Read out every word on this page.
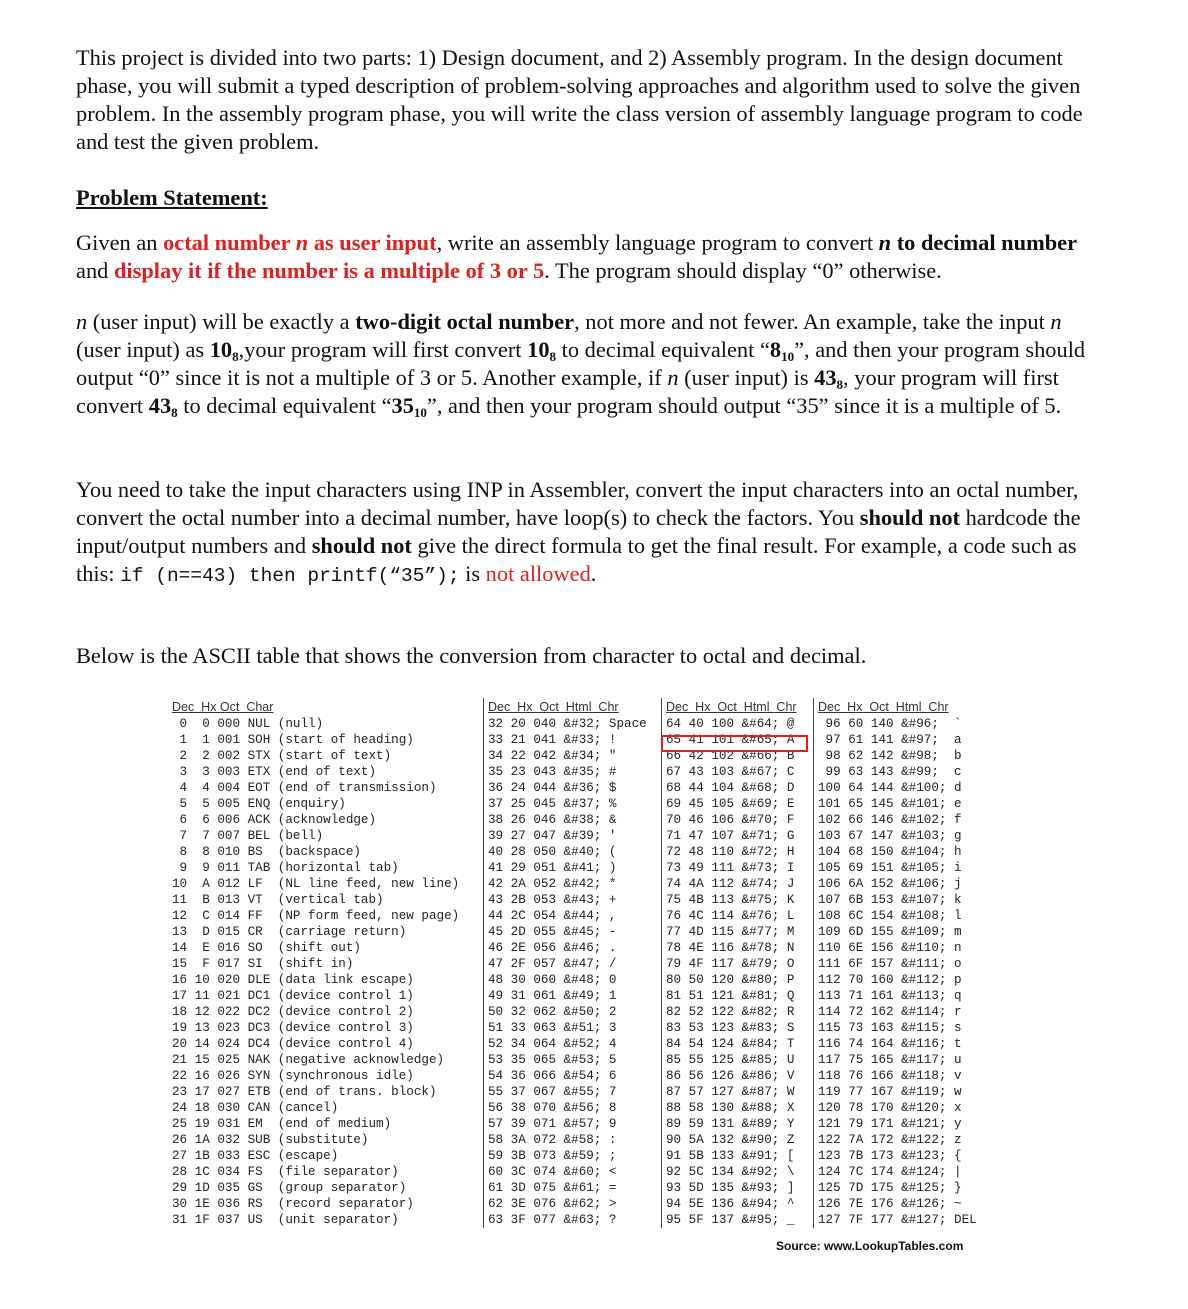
This project is divided into two parts: 1) Design document, and 2) Assembly program. In the design document phase, you will submit a typed description of problem-solving approaches and algorithm used to solve the given problem. In the assembly program phase, you will write the class version of assembly language program to code and test the given problem.

Problem Statement:

Given an octal number n as user input, write an assembly language program to convert n to decimal number and display it if the number is a multiple of 3 or 5. The program should display “0” otherwise.

n (user input) will be exactly a two-digit octal number, not more and not fewer. An example, take the input n (user input) as $10_8,your$ program will first convert $10_8$ to decimal equivalent “$8_{10}$”, and then your program should output “0” since it is not a multiple of 3 or 5. Another example, if n (user input) is $43_8$, your program will first convert $43_8$ to decimal equivalent “$35_{10}$”, and then your program should output “35” since it is a multiple of 5.

You need to take the input characters using INP in Assembler, convert the input characters into an octal number, convert the octal number into a decimal number, have loop(s) to check the factors. You should not hardcode the input/output numbers and should not give the direct formula to get the final result. For example, a code such as this: if (n==43) then printf(“35”); is not allowed.

Below is the ASCII table that shows the conversion from character to octal and decimal.

Dec  Hx Oct  Char
0  0 000 NUL (null)
1  1 001 SOH (start of heading)
2  2 002 STX (start of text)
3  3 003 ETX (end of text)
4  4 004 EOT (end of transmission)
5  5 005 ENQ (enquiry)
6  6 006 ACK (acknowledge)
7  7 007 BEL (bell)
8  8 010 BS  (backspace)
9  9 011 TAB (horizontal tab)
10  A 012 LF  (NL line feed, new line)
11  B 013 VT  (vertical tab)
12  C 014 FF  (NP form feed, new page)
13  D 015 CR  (carriage return)
14  E 016 SO  (shift out)
15  F 017 SI  (shift in)
16 10 020 DLE (data link escape)
17 11 021 DC1 (device control 1)
18 12 022 DC2 (device control 2)
19 13 023 DC3 (device control 3)
20 14 024 DC4 (device control 4)
21 15 025 NAK (negative acknowledge)
22 16 026 SYN (synchronous idle)
23 17 027 ETB (end of trans. block)
24 18 030 CAN (cancel)
25 19 031 EM  (end of medium)
26 1A 032 SUB (substitute)
27 1B 033 ESC (escape)
28 1C 034 FS  (file separator)
29 1D 035 GS  (group separator)
30 1E 036 RS  (record separator)
31 1F 037 US  (unit separator)
Dec  Hx  Oct  Html  Chr
32 20 040 &#32; Space
33 21 041 &#33; !
34 22 042 &#34; "
35 23 043 &#35; #
36 24 044 &#36; $
37 25 045 &#37; %
38 26 046 &#38; &
39 27 047 &#39; '
40 28 050 &#40; (
41 29 051 &#41; )
42 2A 052 &#42; *
43 2B 053 &#43; +
44 2C 054 &#44; ,
45 2D 055 &#45; -
46 2E 056 &#46; .
47 2F 057 &#47; /
48 30 060 &#48; 0
49 31 061 &#49; 1
50 32 062 &#50; 2
51 33 063 &#51; 3
52 34 064 &#52; 4
53 35 065 &#53; 5
54 36 066 &#54; 6
55 37 067 &#55; 7
56 38 070 &#56; 8
57 39 071 &#57; 9
58 3A 072 &#58; :
59 3B 073 &#59; ;
60 3C 074 &#60; <
61 3D 075 &#61; =
62 3E 076 &#62; >
63 3F 077 &#63; ?
Dec  Hx  Oct  Html  Chr
64 40 100 &#64; @
65 41 101 &#65; A
66 42 102 &#66; B
67 43 103 &#67; C
68 44 104 &#68; D
69 45 105 &#69; E
70 46 106 &#70; F
71 47 107 &#71; G
72 48 110 &#72; H
73 49 111 &#73; I
74 4A 112 &#74; J
75 4B 113 &#75; K
76 4C 114 &#76; L
77 4D 115 &#77; M
78 4E 116 &#78; N
79 4F 117 &#79; O
80 50 120 &#80; P
81 51 121 &#81; Q
82 52 122 &#82; R
83 53 123 &#83; S
84 54 124 &#84; T
85 55 125 &#85; U
86 56 126 &#86; V
87 57 127 &#87; W
88 58 130 &#88; X
89 59 131 &#89; Y
90 5A 132 &#90; Z
91 5B 133 &#91; [
92 5C 134 &#92; \
93 5D 135 &#93; ]
94 5E 136 &#94; ^
95 5F 137 &#95; _
Dec  Hx  Oct  Html  Chr
96 60 140 &#96;  `
97 61 141 &#97;  a
98 62 142 &#98;  b
99 63 143 &#99;  c
100 64 144 &#100; d
101 65 145 &#101; e
102 66 146 &#102; f
103 67 147 &#103; g
104 68 150 &#104; h
105 69 151 &#105; i
106 6A 152 &#106; j
107 6B 153 &#107; k
108 6C 154 &#108; l
109 6D 155 &#109; m
110 6E 156 &#110; n
111 6F 157 &#111; o
112 70 160 &#112; p
113 71 161 &#113; q
114 72 162 &#114; r
115 73 163 &#115; s
116 74 164 &#116; t
117 75 165 &#117; u
118 76 166 &#118; v
119 77 167 &#119; w
120 78 170 &#120; x
121 79 171 &#121; y
122 7A 172 &#122; z
123 7B 173 &#123; {
124 7C 174 &#124; |
125 7D 175 &#125; }
126 7E 176 &#126; ~
127 7F 177 &#127; DEL
Source: www.LookupTables.com
